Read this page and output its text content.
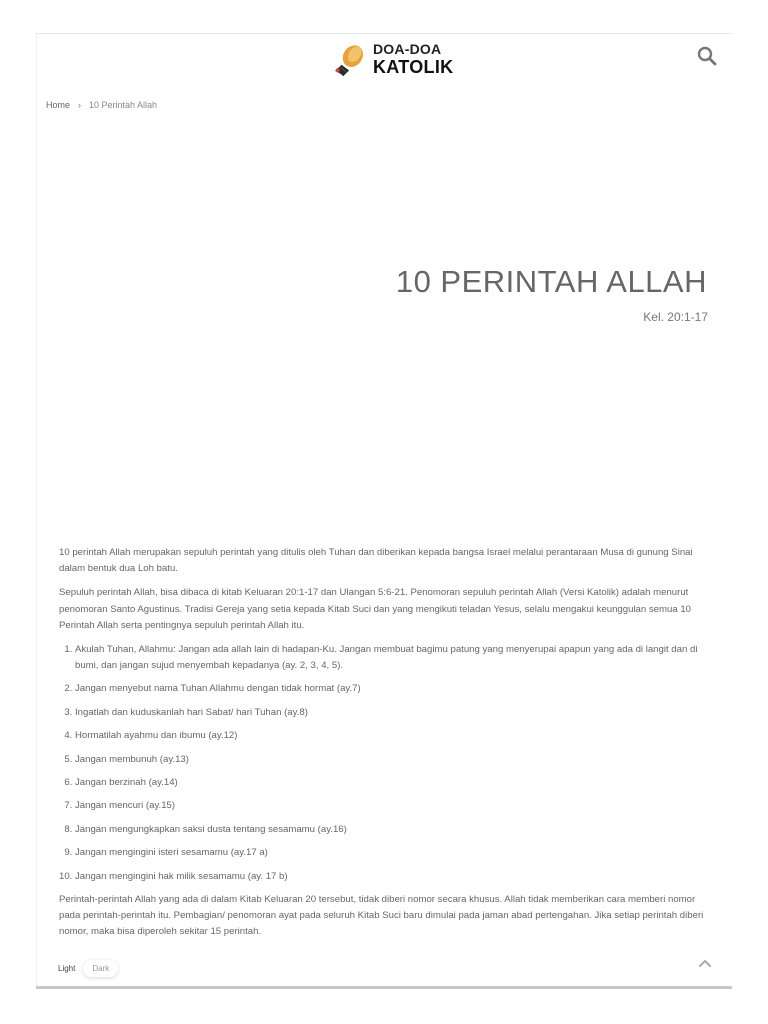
DOA-DOA
KATOLIK
Home › 10 Perintah Allah
10 PERINTAH ALLAH
Kel. 20:1-17

10 perintah Allah merupakan sepuluh perintah yang ditulis oleh Tuhan dan diberikan kepada bangsa Israel melalui perantaraan Musa di gunung Sinai dalam bentuk dua Loh batu.

Sepuluh perintah Allah, bisa dibaca di kitab Keluaran 20:1-17 dan Ulangan 5:6-21. Penomoran sepuluh perintah Allah (Versi Katolik) adalah menurut penomoran Santo Agustinus. Tradisi Gereja yang setia kepada Kitab Suci dan yang mengikuti teladan Yesus, selalu mengakui keunggulan semua 10 Perintah Allah serta pentingnya sepuluh perintah Allah itu.

1. Akulah Tuhan, Allahmu: Jangan ada allah lain di hadapan-Ku. Jangan membuat bagimu patung yang menyerupai apapun yang ada di langit dan di bumi, dan jangan sujud menyembah kepadanya (ay. 2, 3, 4, 5).
2. Jangan menyebut nama Tuhan Allahmu dengan tidak hormat (ay.7)
3. Ingatlah dan kuduskanlah hari Sabat/ hari Tuhan (ay.8)
4. Hormatilah ayahmu dan ibumu (ay.12)
5. Jangan membunuh (ay.13)
6. Jangan berzinah (ay.14)
7. Jangan mencuri (ay.15)
8. Jangan mengungkapkan saksi dusta tentang sesamamu (ay.16)
9. Jangan menginginі isteri sesamamu (ay.17 a)
10. Jangan menginginі hak milik sesamamu (ay. 17 b)

Perintah-perintah Allah yang ada di dalam Kitab Keluaran 20 tersebut, tidak diberi nomor secara khusus. Allah tidak memberikan cara memberi nomor pada perintah-perintah itu. Pembagian/ penomoran ayat pada seluruh Kitab Suci baru dimulai pada jaman abad pertengahan. Jika setiap perintah diberi nomor, maka bisa diperoleh sekitar 15 perintah.

Light	Dark
